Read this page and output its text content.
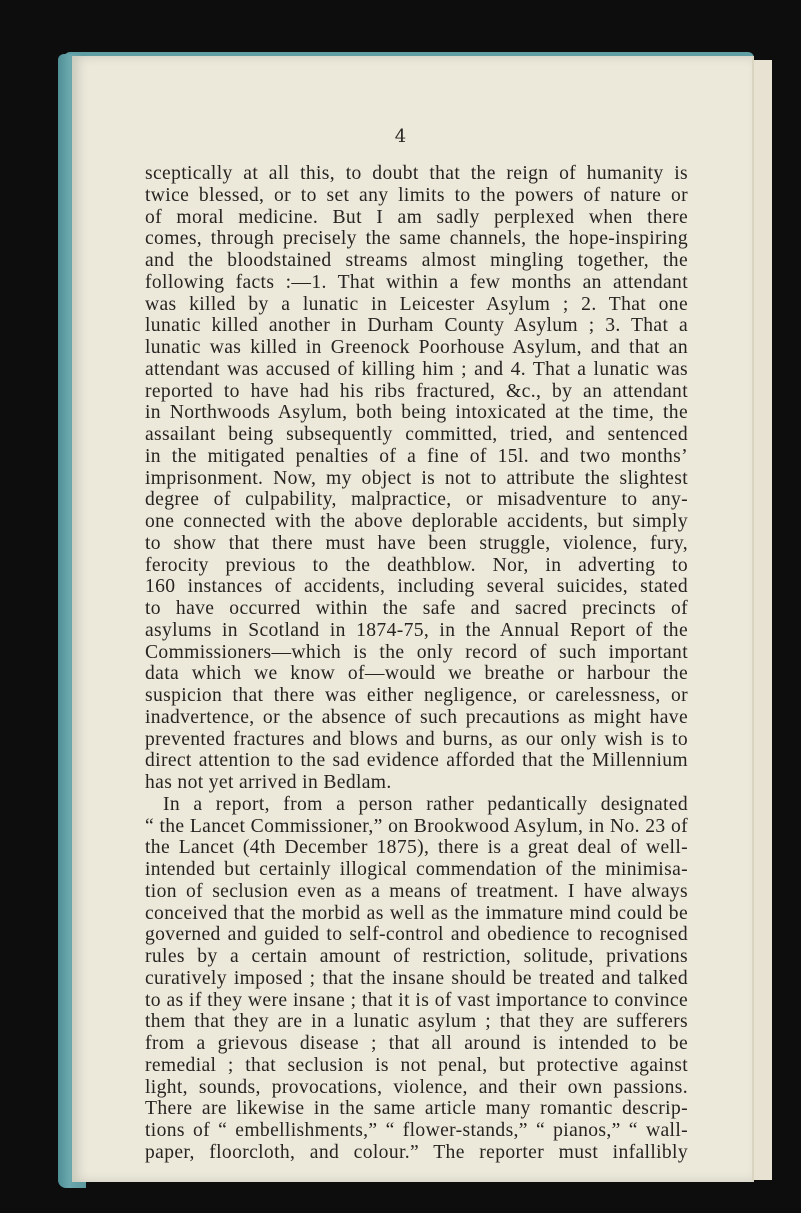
4
sceptically at all this, to doubt that the reign of humanity is
twice blessed, or to set any limits to the powers of nature or
of moral medicine. But I am sadly perplexed when there
comes, through precisely the same channels, the hope-inspiring
and the bloodstained streams almost mingling together, the
following facts :—1. That within a few months an attendant
was killed by a lunatic in Leicester Asylum ; 2. That one
lunatic killed another in Durham County Asylum ; 3. That a
lunatic was killed in Greenock Poorhouse Asylum, and that an
attendant was accused of killing him ; and 4. That a lunatic was
reported to have had his ribs fractured, &c., by an attendant
in Northwoods Asylum, both being intoxicated at the time, the
assailant being subsequently committed, tried, and sentenced
in the mitigated penalties of a fine of 15l. and two months’
imprisonment. Now, my object is not to attribute the slightest
degree of culpability, malpractice, or misadventure to any-
one connected with the above deplorable accidents, but simply
to show that there must have been struggle, violence, fury,
ferocity previous to the deathblow. Nor, in adverting to
160 instances of accidents, including several suicides, stated
to have occurred within the safe and sacred precincts of
asylums in Scotland in 1874-75, in the Annual Report of the
Commissioners—which is the only record of such important
data which we know of—would we breathe or harbour the
suspicion that there was either negligence, or carelessness, or
inadvertence, or the absence of such precautions as might have
prevented fractures and blows and burns, as our only wish is to
direct attention to the sad evidence afforded that the Millennium
has not yet arrived in Bedlam.
In a report, from a person rather pedantically designated
“ the Lancet Commissioner,” on Brookwood Asylum, in No. 23 of
the Lancet (4th December 1875), there is a great deal of well-
intended but certainly illogical commendation of the minimisa-
tion of seclusion even as a means of treatment. I have always
conceived that the morbid as well as the immature mind could be
governed and guided to self-control and obedience to recognised
rules by a certain amount of restriction, solitude, privations
curatively imposed ; that the insane should be treated and talked
to as if they were insane ; that it is of vast importance to convince
them that they are in a lunatic asylum ; that they are sufferers
from a grievous disease ; that all around is intended to be
remedial ; that seclusion is not penal, but protective against
light, sounds, provocations, violence, and their own passions.
There are likewise in the same article many romantic descrip-
tions of “ embellishments,” “ flower-stands,” “ pianos,” “ wall-
paper, floorcloth, and colour.” The reporter must infallibly
